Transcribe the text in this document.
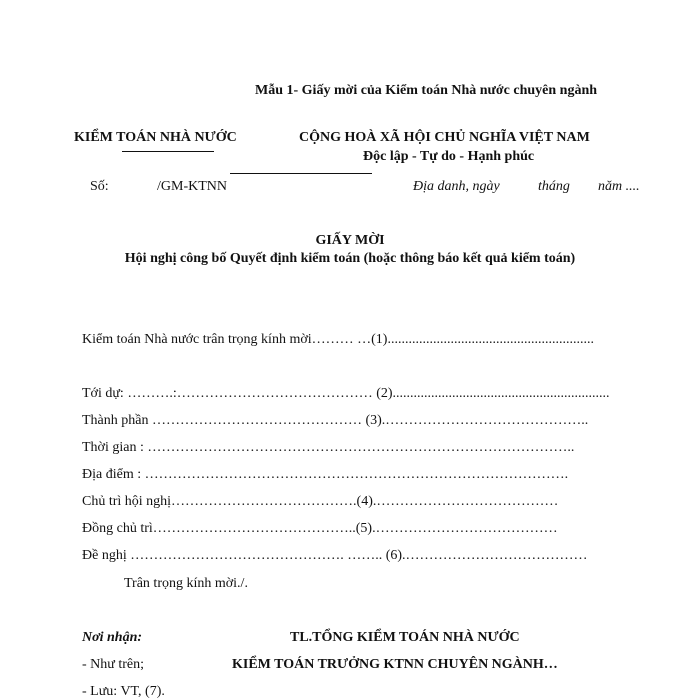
Mẫu 1- Giấy mời của Kiểm toán Nhà nước chuyên ngành
KIỂM TOÁN NHÀ NƯỚC	CỘNG HOÀ XÃ HỘI CHỦ NGHĨA VIỆT NAM
Độc lập - Tự do - Hạnh phúc
Số:	/GM-KTNN	Địa danh, ngày	tháng năm ....
GIẤY MỜI
Hội nghị công bố Quyết định kiểm toán (hoặc thông báo kết quả kiểm toán)
Kiểm toán Nhà nước trân trọng kính mời……… …(1)...........................................................
Tới dự: ……….:…………………………………… (2)..............................................................
Thành phần ……………………………………… (3).……………………………………..
Thời gian : ………………………………………………………………………………..
Địa điểm : ……………………………………………………………………………….
Chủ trì hội nghị………………………………….(4).…………………………………
Đồng chủ trì……………………………………..(5).…………………………………
Đề nghị ………………………………………. …….. (6).…………………………………
Trân trọng kính mời./.
Nơi nhận:
- Như trên;
- Lưu: VT, (7).
TL.TỔNG KIỂM TOÁN NHÀ NƯỚC
KIỂM TOÁN TRƯỞNG KTNN CHUYÊN NGÀNH…
